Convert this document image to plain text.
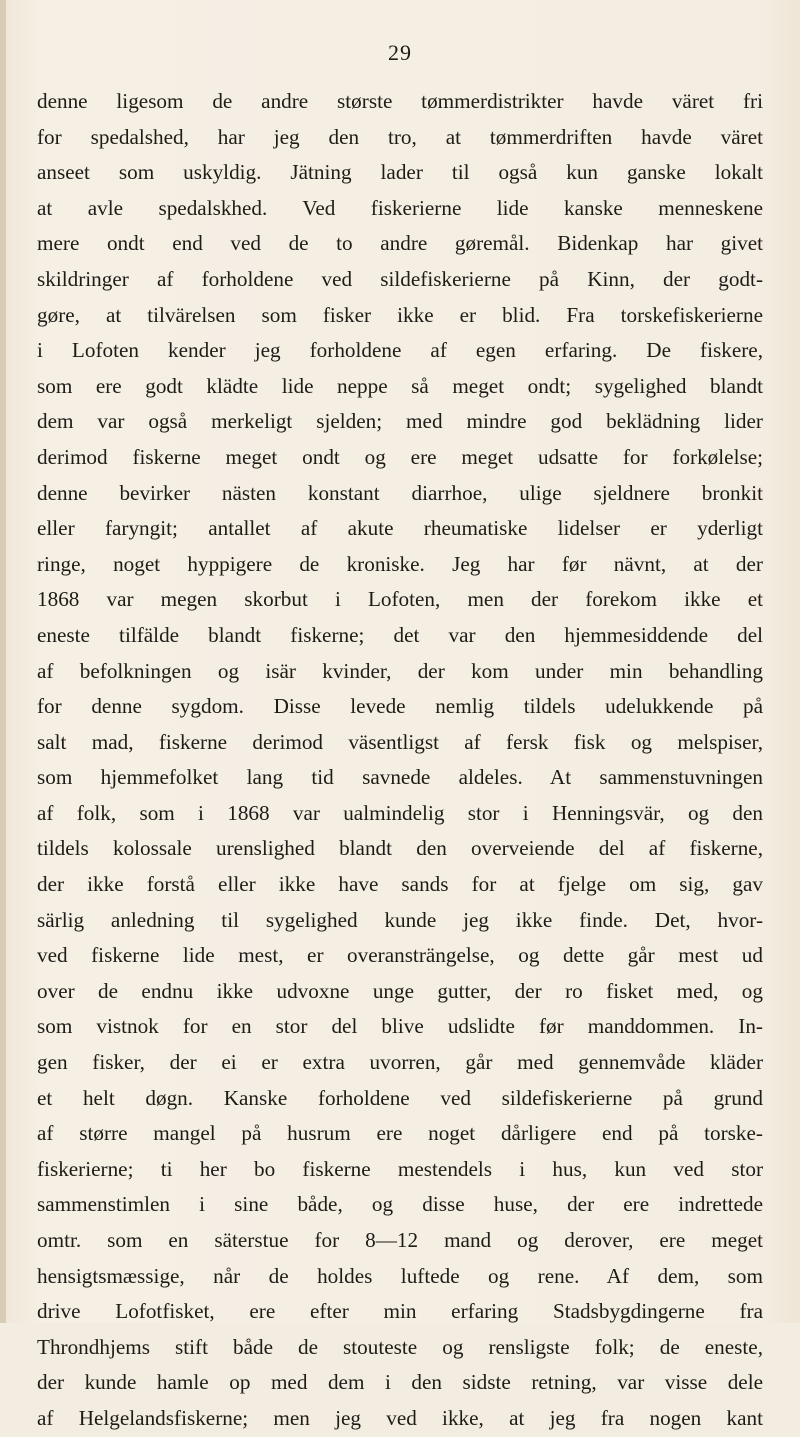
29
denne ligesom de andre største tømmerdistrikter havde väret fri
for spedalshed, har jeg den tro, at tømmerdriften havde väret
anseet som uskyldig. Jätning lader til også kun ganske lokalt
at avle spedalskhed. Ved fiskerierne lide kanske menneskene
mere ondt end ved de to andre gøremål. Bidenkap har givet
skildringer af forholdene ved sildefiskerierne på Kinn, der godt-
gøre, at tilvärelsen som fisker ikke er blid. Fra torskefiskerierne
i Lofoten kender jeg forholdene af egen erfaring. De fiskere,
som ere godt klädte lide neppe så meget ondt; sygelighed blandt
dem var også merkeligt sjelden; med mindre god beklädning lider
derimod fiskerne meget ondt og ere meget udsatte for forkølelse;
denne bevirker nästen konstant diarrhoe, ulige sjeldnere bronkit
eller faryngit; antallet af akute rheumatiske lidelser er yderligt
ringe, noget hyppigere de kroniske. Jeg har før nävnt, at der
1868 var megen skorbut i Lofoten, men der forekom ikke et
eneste tilfälde blandt fiskerne; det var den hjemmesiddende del
af befolkningen og isär kvinder, der kom under min behandling
for denne sygdom. Disse levede nemlig tildels udelukkende på
salt mad, fiskerne derimod väsentligst af fersk fisk og melspiser,
som hjemmefolket lang tid savnede aldeles. At sammenstuvningen
af folk, som i 1868 var ualmindelig stor i Henningsvär, og den
tildels kolossale urenslighed blandt den overveiende del af fiskerne,
der ikke forstå eller ikke have sands for at fjelge om sig, gav
särlig anledning til sygelighed kunde jeg ikke finde. Det, hvor-
ved fiskerne lide mest, er overansträngelse, og dette går mest ud
over de endnu ikke udvoxne unge gutter, der ro fisket med, og
som vistnok for en stor del blive udslidte før manddommen. In-
gen fisker, der ei er extra uvorren, går med gennemvåde kläder
et helt døgn. Kanske forholdene ved sildefiskerierne på grund
af større mangel på husrum ere noget dårligere end på torske-
fiskerierne; ti her bo fiskerne mestendels i hus, kun ved stor
sammenstimlen i sine både, og disse huse, der ere indrettede
omtr. som en säterstue for 8—12 mand og derover, ere meget
hensigtsmæssige, når de holdes luftede og rene. Af dem, som
drive Lofotfisket, ere efter min erfaring Stadsbygdingerne fra
Throndhjems stift både de stouteste og rensligste folk; de eneste,
der kunde hamle op med dem i den sidste retning, var visse dele
af Helgelandsfiskerne; men jeg ved ikke, at jeg fra nogen kant
